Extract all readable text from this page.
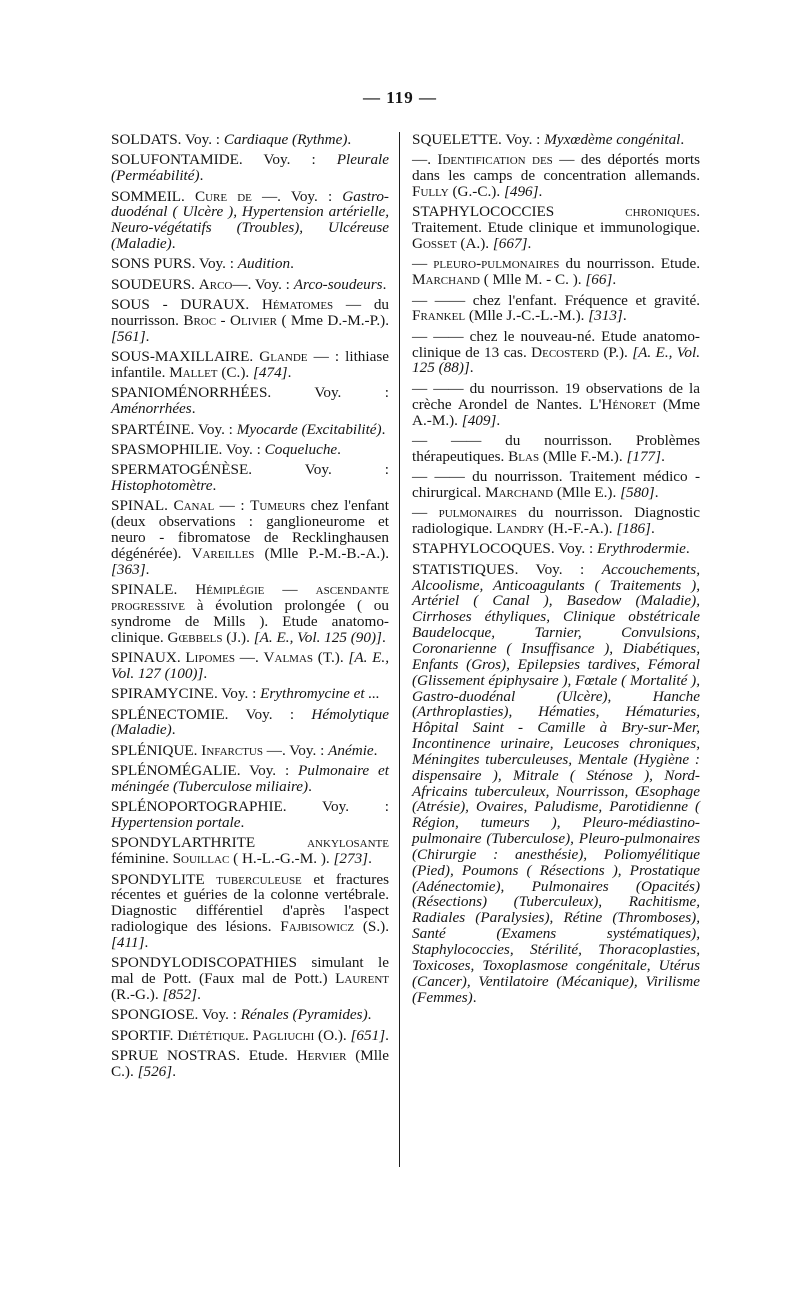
— 119 —

SOLDATS. Voy. : Cardiaque (Rythme).

SOLUFONTAMIDE. Voy. : Pleurale (Perméabilité).

SOMMEIL. Cure de —. Voy. : Gastro-duodénal ( Ulcère ), Hypertension artérielle, Neuro-végétatifs (Troubles), Ulcéreuse (Maladie).

SONS PURS. Voy. : Audition.

SOUDEURS. Arco—. Voy. : Arco-soudeurs.

SOUS - DURAUX. Hématomes — du nourrisson. Broc - Olivier ( Mme D.-M.-P.). [561].

SOUS-MAXILLAIRE. Glande — : lithiase infantile. Mallet (C.). [474].

SPANIOMÉNORRHÉES. Voy. : Aménorrhées.

SPARTÉINE. Voy. : Myocarde (Excitabilité).

SPASMOPHILIE. Voy. : Coqueluche.

SPERMATOGÉNÈSE. Voy. : Histophotomètre.

SPINAL. Canal — : Tumeurs chez l'enfant (deux observations : ganglioneurome et neuro - fibromatose de Recklinghausen dégénérée). Vareilles (Mlle P.-M.-B.-A.). [363].

SPINALE. Hémiplégie — ascendante progressive à évolution prolongée ( ou syndrome de Mills ). Etude anatomo-clinique. Gœbbels (J.). [A. E., Vol. 125 (90)].

SPINAUX. Lipomes —. Valmas (T.). [A. E., Vol. 127 (100)].

SPIRAMYCINE. Voy. : Erythromycine et ...

SPLÉNECTOMIE. Voy. : Hémolytique (Maladie).

SPLÉNIQUE. Infarctus —. Voy. : Anémie.

SPLÉNOMÉGALIE. Voy. : Pulmonaire et méningée (Tuberculose miliaire).

SPLÉNOPORTOGRAPHIE. Voy. : Hypertension portale.

SPONDYLARTHRITE ankylosante féminine. Souillac ( H.-L.-G.-M. ). [273].

SPONDYLITE tuberculeuse et fractures récentes et guéries de la colonne vertébrale. Diagnostic différentiel d'après l'aspect radiologique des lésions. Fajbisowicz (S.). [411].

SPONDYLODISCOPATHIES simulant le mal de Pott. (Faux mal de Pott.) Laurent (R.-G.). [852].

SPONGIOSE. Voy. : Rénales (Pyramides).

SPORTIF. Diététique. Pagliuchi (O.). [651].

SPRUE NOSTRAS. Etude. Hervier (Mlle C.). [526].

SQUELETTE. Voy. : Myxœdème congénital.

—. Identification des — des déportés morts dans les camps de concentration allemands. Fully (G.-C.). [496].

STAPHYLOCOCCIES chroniques. Traitement. Etude clinique et immunologique. Gosset (A.). [667].

— pleuro-pulmonaires du nourrisson. Etude. Marchand ( Mlle M. - C. ). [66].

— —— chez l'enfant. Fréquence et gravité. Frankel (Mlle J.-C.-L.-M.). [313].

— —— chez le nouveau-né. Etude anatomo-clinique de 13 cas. Decosterd (P.). [A. E., Vol. 125 (88)].

— —— du nourrisson. 19 observations de la crèche Arondel de Nantes. L'Hénoret (Mme A.-M.). [409].

— —— du nourrisson. Problèmes thérapeutiques. Blas (Mlle F.-M.). [177].

— —— du nourrisson. Traitement médico - chirurgical. Marchand (Mlle E.). [580].

— pulmonaires du nourrisson. Diagnostic radiologique. Landry (H.-F.-A.). [186].

STAPHYLOCOQUES. Voy. : Erythrodermie.

STATISTIQUES. Voy. : Accouchements, Alcoolisme, Anticoagulants ( Traitements ), Artériel ( Canal ), Basedow (Maladie), Cirrhoses éthyliques, Clinique obstétricale Baudelocque, Tarnier, Convulsions, Coronarienne ( Insuffisance ), Diabétiques, Enfants (Gros), Epilepsies tardives, Fémoral (Glissement épiphysaire ), Fœtale ( Mortalité ), Gastro-duodénal (Ulcère), Hanche (Arthroplasties), Hématies, Hématuries, Hôpital Saint - Camille à Bry-sur-Mer, Incontinence urinaire, Leucoses chroniques, Méningites tuberculeuses, Mentale (Hygiène : dispensaire ), Mitrale ( Sténose ), Nord-Africains tuberculeux, Nourrisson, Œsophage (Atrésie), Ovaires, Paludisme, Parotidienne ( Région, tumeurs ), Pleuro-médiastino-pulmonaire (Tuberculose), Pleuro-pulmonaires (Chirurgie : anesthésie), Poliomyélitique (Pied), Poumons ( Résections ), Prostatique (Adénectomie), Pulmonaires (Opacités) (Résections) (Tuberculeux), Rachitisme, Radiales (Paralysies), Rétine (Thromboses), Santé (Examens systématiques), Staphylococcies, Stérilité, Thoracoplasties, Toxicoses, Toxoplasmose congénitale, Utérus (Cancer), Ventilatoire (Mécanique), Virilisme (Femmes).
